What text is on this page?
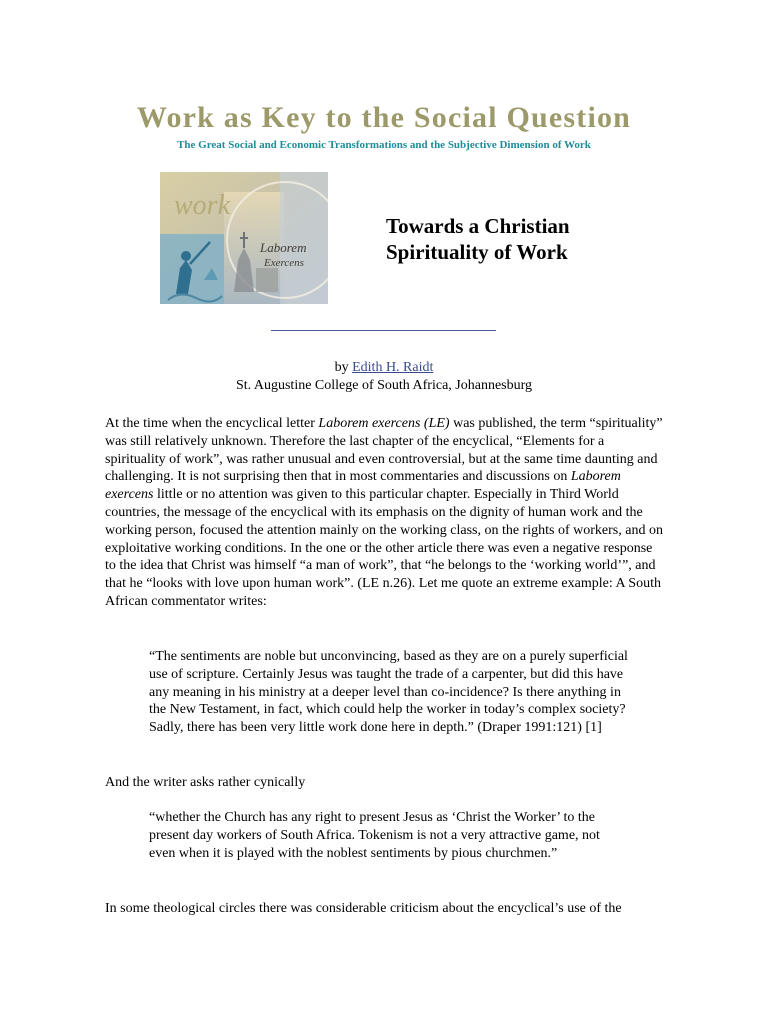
Work as Key to the Social Question
The Great Social and Economic Transformations and the Subjective Dimension of Work
work
Laborem
Exercens
Towards a Christian
Spirituality of Work
by Edith H. Raidt
St. Augustine College of South Africa, Johannesburg

At the time when the encyclical letter Laborem exercens (LE) was published, the term “spirituality” was still relatively unknown. Therefore the last chapter of the encyclical, “Elements for a spirituality of work”, was rather unusual and even controversial, but at the same time daunting and challenging. It is not surprising then that in most commentaries and discussions on Laborem exercens little or no attention was given to this particular chapter. Especially in Third World countries, the message of the encyclical with its emphasis on the dignity of human work and the working person, focused the attention mainly on the working class, on the rights of workers, and on exploitative working conditions. In the one or the other article there was even a negative response to the idea that Christ was himself “a man of work”, that “he belongs to the ‘working world’”, and that he “looks with love upon human work”. (LE n.26). Let me quote an extreme example: A South African commentator writes:

“The sentiments are noble but unconvincing, based as they are on a purely superficial use of scripture. Certainly Jesus was taught the trade of a carpenter, but did this have any meaning in his ministry at a deeper level than co-incidence? Is there anything in the New Testament, in fact, which could help the worker in today’s complex society? Sadly, there has been very little work done here in depth.” (Draper 1991:121) [1]

And the writer asks rather cynically

“whether the Church has any right to present Jesus as ‘Christ the Worker’ to the present day workers of South Africa. Tokenism is not a very attractive game, not even when it is played with the noblest sentiments by pious churchmen.”

In some theological circles there was considerable criticism about the encyclical’s use of the
